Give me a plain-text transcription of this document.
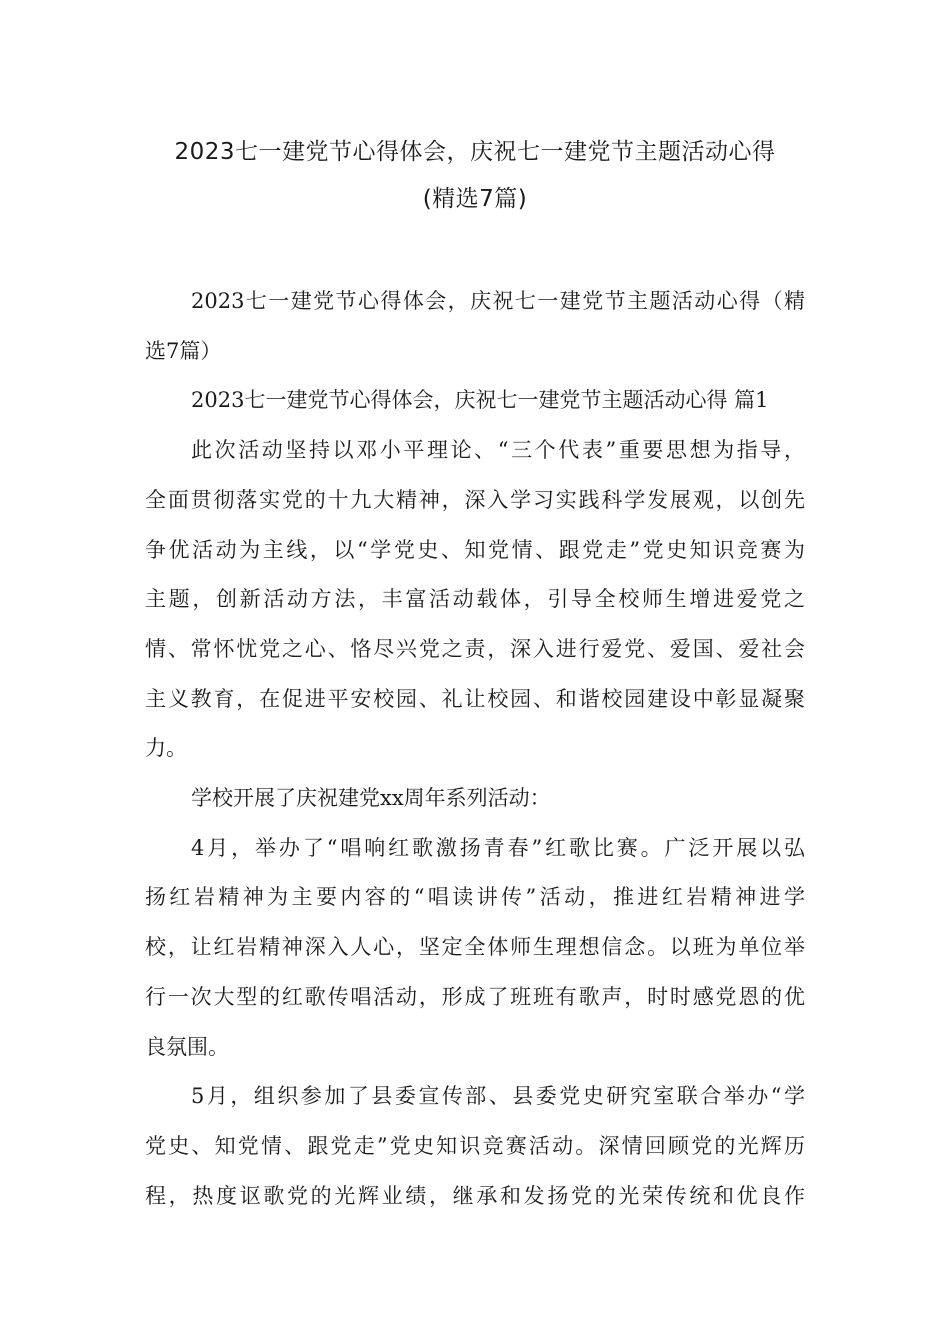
2023七一建党节心得体会，庆祝七一建党节主题活动心得
(精选7篇)
2023七一建党节心得体会，庆祝七一建党节主题活动心得（精
选7篇）
2023七一建党节心得体会，庆祝七一建党节主题活动心得 篇1
此次活动坚持以邓小平理论、“三个代表”重要思想为指导，
全面贯彻落实党的十九大精神，深入学习实践科学发展观，以创先
争优活动为主线，以“学党史、知党情、跟党走”党史知识竞赛为
主题，创新活动方法，丰富活动载体，引导全校师生增进爱党之
情、常怀忧党之心、恪尽兴党之责，深入进行爱党、爱国、爱社会
主义教育，在促进平安校园、礼让校园、和谐校园建设中彰显凝聚
力。
学校开展了庆祝建党xx周年系列活动：
4月，举办了“唱响红歌激扬青春”红歌比赛。广泛开展以弘
扬红岩精神为主要内容的“唱读讲传”活动，推进红岩精神进学
校，让红岩精神深入人心，坚定全体师生理想信念。以班为单位举
行一次大型的红歌传唱活动，形成了班班有歌声，时时感党恩的优
良氛围。
5月，组织参加了县委宣传部、县委党史研究室联合举办“学
党史、知党情、跟党走”党史知识竞赛活动。深情回顾党的光辉历
程，热度讴歌党的光辉业绩，继承和发扬党的光荣传统和优良作
